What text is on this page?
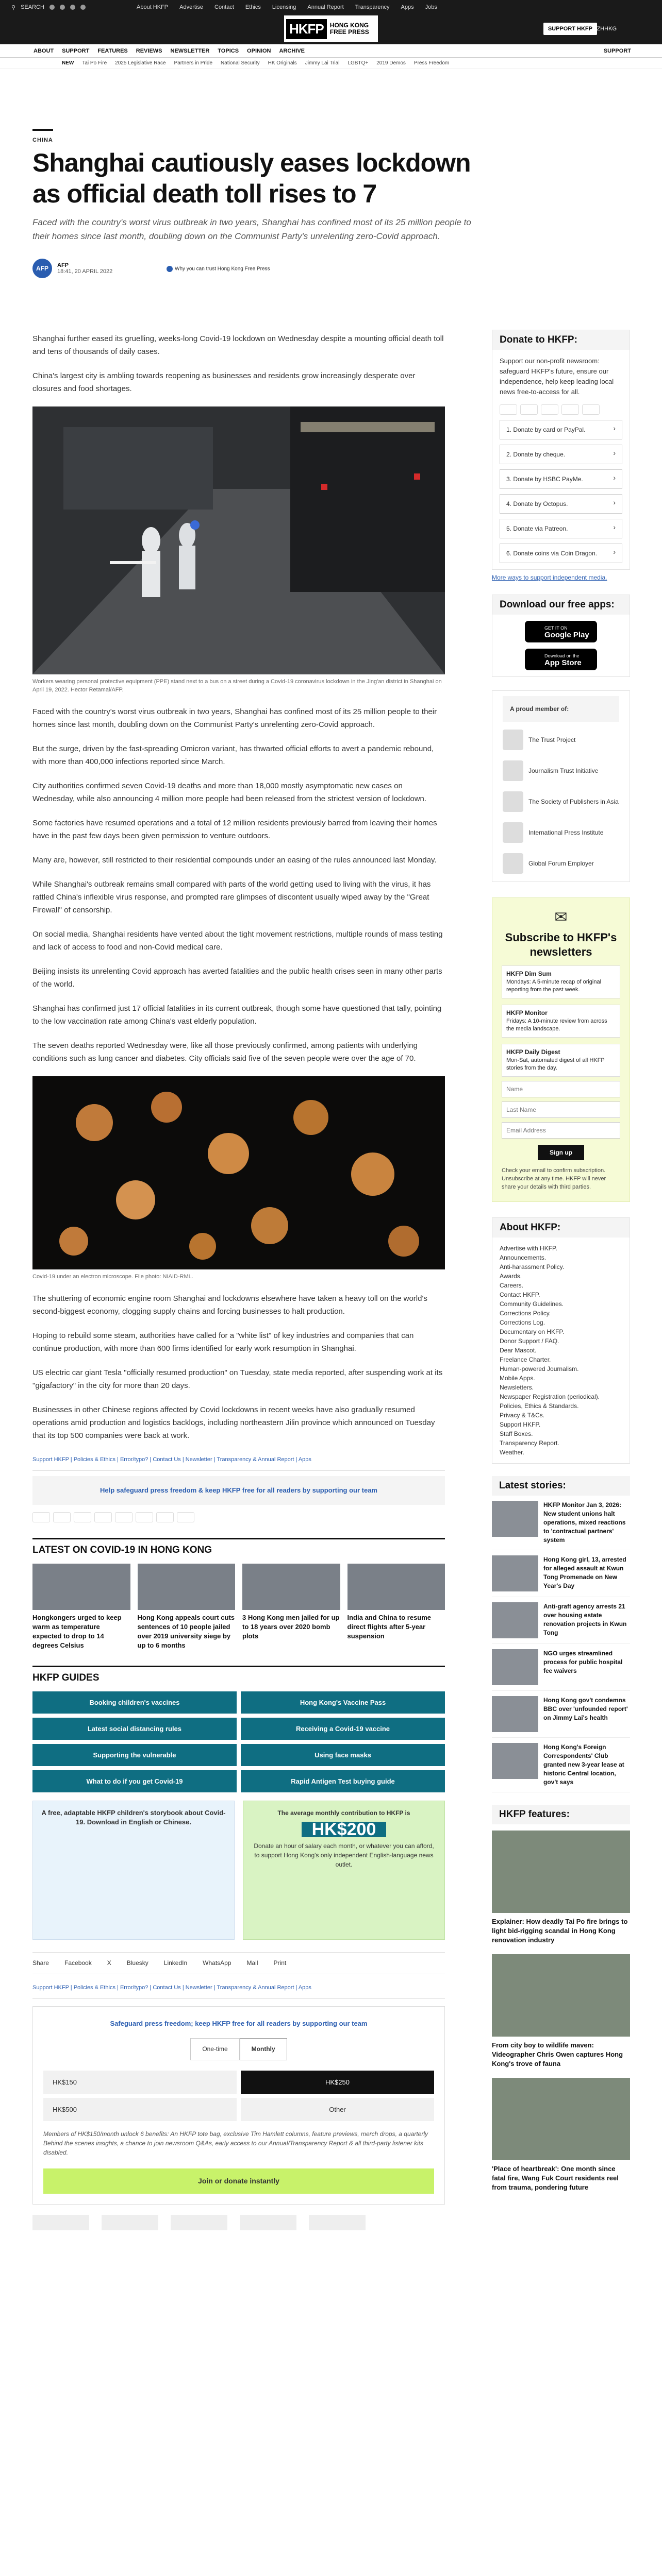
⚲ SEARCH	About HKFP Advertise Contact Ethics Licensing Annual Report Transparency Apps Jobs
HKFP	HONG KONG FREE PRESS	SUPPORT HKFP ZHHKG
ABOUT SUPPORT FEATURES REVIEWS NEWSLETTER TOPICS OPINION ARCHIVE	SUPPORT
NEW Tai Po Fire 2025 Legislative Race Partners in Pride National Security HK Originals Jimmy Lai Trial LGBTQ+ 2019 Demos Press Freedom
CHINA
Shanghai cautiously eases lockdown as official death toll rises to 7

Faced with the country's worst virus outbreak in two years, Shanghai has confined most of its 25 million people to their homes since last month, doubling down on the Communist Party's unrelenting zero-Covid approach.

AFP	AFP
18:41, 20 APRIL 2022	Why you can trust Hong Kong Free Press

Shanghai further eased its gruelling, weeks-long Covid-19 lockdown on Wednesday despite a mounting official death toll and tens of thousands of daily cases.

China's largest city is ambling towards reopening as businesses and residents grow increasingly desperate over closures and food shortages.

Workers wearing personal protective equipment (PPE) stand next to a bus on a street during a Covid-19 coronavirus lockdown in the Jing'an district in Shanghai on April 19, 2022. Hector Retamal/AFP.

Faced with the country's worst virus outbreak in two years, Shanghai has confined most of its 25 million people to their homes since last month, doubling down on the Communist Party's unrelenting zero-Covid approach.

But the surge, driven by the fast-spreading Omicron variant, has thwarted official efforts to avert a pandemic rebound, with more than 400,000 infections reported since March.

City authorities confirmed seven Covid-19 deaths and more than 18,000 mostly asymptomatic new cases on Wednesday, while also announcing 4 million more people had been released from the strictest version of lockdown.

Some factories have resumed operations and a total of 12 million residents previously barred from leaving their homes have in the past few days been given permission to venture outdoors.

Many are, however, still restricted to their residential compounds under an easing of the rules announced last Monday.

While Shanghai's outbreak remains small compared with parts of the world getting used to living with the virus, it has rattled China's inflexible virus response, and prompted rare glimpses of discontent usually wiped away by the "Great Firewall" of censorship.

On social media, Shanghai residents have vented about the tight movement restrictions, multiple rounds of mass testing and lack of access to food and non-Covid medical care.

Beijing insists its unrelenting Covid approach has averted fatalities and the public health crises seen in many other parts of the world.

Shanghai has confirmed just 17 official fatalities in its current outbreak, though some have questioned that tally, pointing to the low vaccination rate among China's vast elderly population.

The seven deaths reported Wednesday were, like all those previously confirmed, among patients with underlying conditions such as lung cancer and diabetes. City officials said five of the seven people were over the age of 70.

Covid-19 under an electron microscope. File photo: NIAID-RML.

The shuttering of economic engine room Shanghai and lockdowns elsewhere have taken a heavy toll on the world's second-biggest economy, clogging supply chains and forcing businesses to halt production.

Hoping to rebuild some steam, authorities have called for a "white list" of key industries and companies that can continue production, with more than 600 firms identified for early work resumption in Shanghai.

US electric car giant Tesla "officially resumed production" on Tuesday, state media reported, after suspending work at its "gigafactory" in the city for more than 20 days.

Businesses in other Chinese regions affected by Covid lockdowns in recent weeks have also gradually resumed operations amid production and logistics backlogs, including northeastern Jilin province which announced on Tuesday that its top 500 companies were back at work.

Support HKFP | Policies & Ethics | Error/typo? | Contact Us | Newsletter | Transparency & Annual Report | Apps
Help safeguard press freedom & keep HKFP free for all readers by supporting our team
LATEST ON COVID-19 IN HONG KONG
Hongkongers urged to keep warm as temperature expected to drop to 14 degrees Celsius
Hong Kong appeals court cuts sentences of 10 people jailed over 2019 university siege by up to 6 months
3 Hong Kong men jailed for up to 18 years over 2020 bomb plots
India and China to resume direct flights after 5-year suspension
HKFP GUIDES
Booking children's vaccines	Hong Kong's Vaccine Pass
Latest social distancing rules	Receiving a Covid-19 vaccine
Supporting the vulnerable	Using face masks
What to do if you get Covid-19	Rapid Antigen Test buying guide
A free, adaptable HKFP children's storybook about Covid-19. Download in English or Chinese.
The average monthly contribution to HKFP is
HK$200
Donate an hour of salary each month, or whatever you can afford, to support Hong Kong's only independent English-language news outlet.
Share	Facebook	X	Bluesky	LinkedIn	WhatsApp	Mail	Print
Support HKFP | Policies & Ethics | Error/typo? | Contact Us | Newsletter | Transparency & Annual Report | Apps
Safeguard press freedom; keep HKFP free for all readers by supporting our team
One-time	Monthly
HK$150	HK$250
HK$500	Other

Members of HK$150/month unlock 6 benefits: An HKFP tote bag, exclusive Tim Hamlett columns, feature previews, merch drops, a quarterly Behind the scenes insights, a chance to join newsroom Q&As, early access to our Annual/Transparency Report & all third-party listener kits disabled.

Join or donate instantly
Donate to HKFP:

Support our non-profit newsroom: safeguard HKFP's future, ensure our independence, help keep leading local news free-to-access for all.

1. Donate by card or PayPal. ›
2. Donate by cheque. ›
3. Donate by HSBC PayMe. ›
4. Donate by Octopus. ›
5. Donate via Patreon. ›
6. Donate coins via Coin Dragon. ›
More ways to support independent media.
Download our free apps:
GET IT ON
Google Play
Download on the
App Store
A proud member of:
The Trust Project
Journalism Trust Initiative
The Society of Publishers in Asia
International Press Institute
Global Forum Employer
✉
Subscribe to HKFP's newsletters
HKFP Dim Sum
Mondays: A 5-minute recap of original reporting from the past week.
HKFP Monitor
Fridays: A 10-minute review from across the media landscape.
HKFP Daily Digest
Mon-Sat, automated digest of all HKFP stories from the day.
Name
Last Name
Email Address
Sign up

Check your email to confirm subscription. Unsubscribe at any time. HKFP will never share your details with third parties.

About HKFP:
Advertise with HKFP.
Announcements.
Anti-harassment Policy.
Awards.
Careers.
Contact HKFP.
Community Guidelines.
Corrections Policy.
Corrections Log.
Documentary on HKFP.
Donor Support / FAQ.
Dear Mascot.
Freelance Charter.
Human-powered Journalism.
Mobile Apps.
Newsletters.
Newspaper Registration (periodical).
Policies, Ethics & Standards.
Privacy & T&Cs.
Support HKFP.
Staff Boxes.
Transparency Report.
Weather.
Latest stories:
HKFP Monitor Jan 3, 2026: New student unions halt operations, mixed reactions to 'contractual partners' system
Hong Kong girl, 13, arrested for alleged assault at Kwun Tong Promenade on New Year's Day
Anti-graft agency arrests 21 over housing estate renovation projects in Kwun Tong
NGO urges streamlined process for public hospital fee waivers
Hong Kong gov't condemns BBC over 'unfounded report' on Jimmy Lai's health
Hong Kong's Foreign Correspondents' Club granted new 3-year lease at historic Central location, gov't says
HKFP features:
Explainer: How deadly Tai Po fire brings to light bid-rigging scandal in Hong Kong renovation industry
From city boy to wildlife maven: Videographer Chris Owen captures Hong Kong's trove of fauna
'Place of heartbreak': One month since fatal fire, Wang Fuk Court residents reel from trauma, pondering future
